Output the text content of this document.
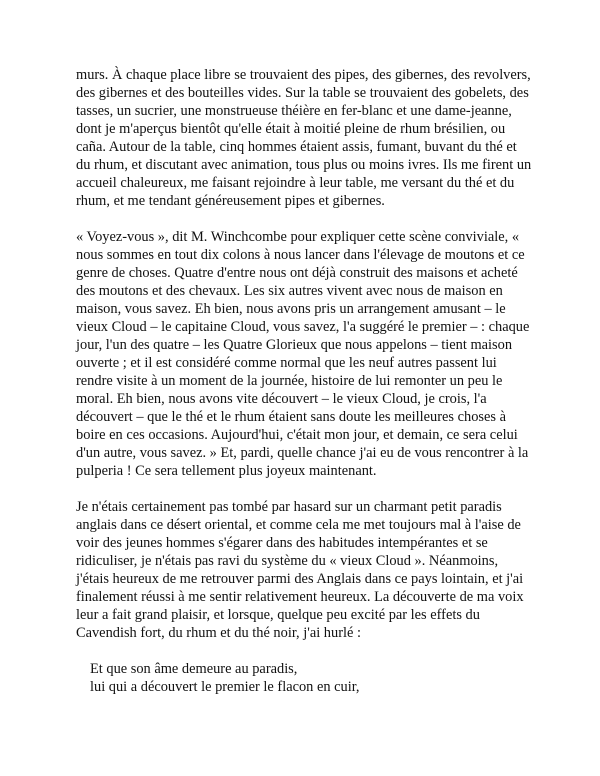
murs. À chaque place libre se trouvaient des pipes, des gibernes, des revolvers, des gibernes et des bouteilles vides. Sur la table se trouvaient des gobelets, des tasses, un sucrier, une monstrueuse théière en fer-blanc et une dame-jeanne, dont je m'aperçus bientôt qu'elle était à moitié pleine de rhum brésilien, ou caña. Autour de la table, cinq hommes étaient assis, fumant, buvant du thé et du rhum, et discutant avec animation, tous plus ou moins ivres. Ils me firent un accueil chaleureux, me faisant rejoindre à leur table, me versant du thé et du rhum, et me tendant généreusement pipes et gibernes.

« Voyez-vous », dit M. Winchcombe pour expliquer cette scène conviviale, « nous sommes en tout dix colons à nous lancer dans l'élevage de moutons et ce genre de choses. Quatre d'entre nous ont déjà construit des maisons et acheté des moutons et des chevaux. Les six autres vivent avec nous de maison en maison, vous savez. Eh bien, nous avons pris un arrangement amusant – le vieux Cloud – le capitaine Cloud, vous savez, l'a suggéré le premier – : chaque jour, l'un des quatre – les Quatre Glorieux que nous appelons – tient maison ouverte ; et il est considéré comme normal que les neuf autres passent lui rendre visite à un moment de la journée, histoire de lui remonter un peu le moral. Eh bien, nous avons vite découvert – le vieux Cloud, je crois, l'a découvert – que le thé et le rhum étaient sans doute les meilleures choses à boire en ces occasions. Aujourd'hui, c'était mon jour, et demain, ce sera celui d'un autre, vous savez. » Et, pardi, quelle chance j'ai eu de vous rencontrer à la pulperia ! Ce sera tellement plus joyeux maintenant.

Je n'étais certainement pas tombé par hasard sur un charmant petit paradis anglais dans ce désert oriental, et comme cela me met toujours mal à l'aise de voir des jeunes hommes s'égarer dans des habitudes intempérantes et se ridiculiser, je n'étais pas ravi du système du « vieux Cloud ». Néanmoins, j'étais heureux de me retrouver parmi des Anglais dans ce pays lointain, et j'ai finalement réussi à me sentir relativement heureux. La découverte de ma voix leur a fait grand plaisir, et lorsque, quelque peu excité par les effets du Cavendish fort, du rhum et du thé noir, j'ai hurlé :

Et que son âme demeure au paradis,
lui qui a découvert le premier le flacon en cuir,
